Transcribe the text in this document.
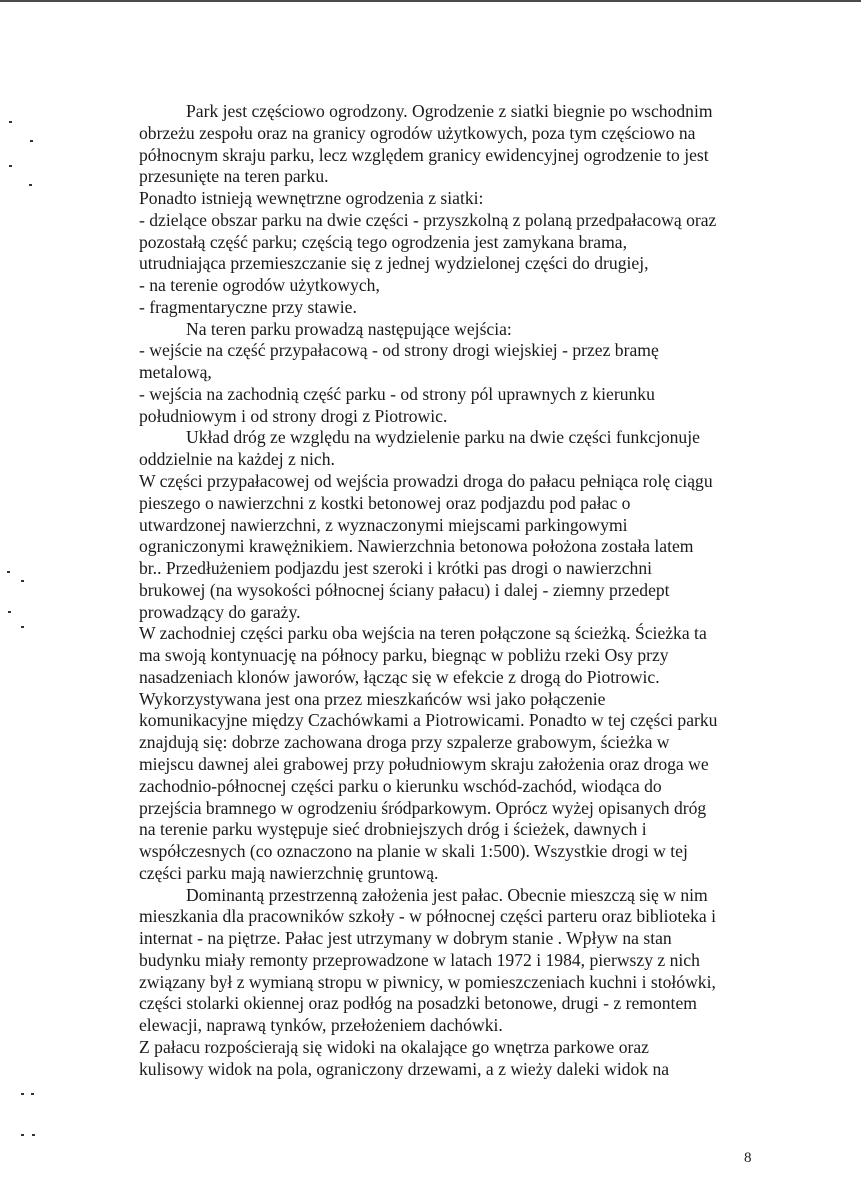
Park jest częściowo ogrodzony. Ogrodzenie z siatki biegnie po wschodnim
obrzeżu zespołu oraz na granicy ogrodów użytkowych, poza tym częściowo na
północnym skraju parku, lecz względem granicy ewidencyjnej ogrodzenie to jest
przesunięte na teren parku.
Ponadto istnieją wewnętrzne ogrodzenia z siatki:
- dzielące obszar parku na dwie części - przyszkolną z polaną przedpałacową oraz
pozostałą część parku; częścią tego ogrodzenia jest zamykana brama,
utrudniająca przemieszczanie się z jednej wydzielonej części do drugiej,
- na terenie ogrodów użytkowych,
- fragmentaryczne przy stawie.
Na teren parku prowadzą następujące wejścia:
- wejście na część przypałacową - od strony drogi wiejskiej - przez bramę
metalową,
- wejścia na zachodnią część parku - od strony pól uprawnych z kierunku
południowym i od strony drogi z Piotrowic.
Układ dróg ze względu na wydzielenie parku na dwie części funkcjonuje
oddzielnie na każdej z nich.
W części przypałacowej od wejścia prowadzi droga do pałacu pełniąca rolę ciągu
pieszego o nawierzchni z kostki betonowej oraz podjazdu pod pałac o
utwardzonej nawierzchni, z wyznaczonymi miejscami parkingowymi
ograniczonymi krawężnikiem. Nawierzchnia betonowa położona została latem
br.. Przedłużeniem podjazdu jest szeroki i krótki pas drogi o nawierzchni
brukowej (na wysokości północnej ściany pałacu) i dalej - ziemny przedept
prowadzący do garaży.
W zachodniej części parku oba wejścia na teren połączone są ścieżką. Ścieżka ta
ma swoją kontynuację na północy parku, biegnąc w pobliżu rzeki Osy przy
nasadzeniach klonów jaworów, łącząc się w efekcie z drogą do Piotrowic.
Wykorzystywana jest ona przez mieszkańców wsi jako połączenie
komunikacyjne między Czachówkami a Piotrowicami. Ponadto w tej części parku
znajdują się: dobrze zachowana droga przy szpalerze grabowym, ścieżka w
miejscu dawnej alei grabowej przy południowym skraju założenia oraz droga we
zachodnio-północnej części parku o kierunku wschód-zachód, wiodąca do
przejścia bramnego w ogrodzeniu śródparkowym. Oprócz wyżej opisanych dróg
na terenie parku występuje sieć drobniejszych dróg i ścieżek, dawnych i
współczesnych (co oznaczono na planie w skali 1:500). Wszystkie drogi w tej
części parku mają nawierzchnię gruntową.
Dominantą przestrzenną założenia jest pałac. Obecnie mieszczą się w nim
mieszkania dla pracowników szkoły - w północnej części parteru oraz biblioteka i
internat - na piętrze. Pałac jest utrzymany w dobrym stanie . Wpływ na stan
budynku miały remonty przeprowadzone w latach 1972 i 1984, pierwszy z nich
związany był z wymianą stropu w piwnicy, w pomieszczeniach kuchni i stołówki,
części stolarki okiennej oraz podłóg na posadzki betonowe, drugi - z remontem
elewacji, naprawą tynków, przełożeniem dachówki.
Z pałacu rozpościerają się widoki na okalające go wnętrza parkowe oraz
kulisowy widok na pola, ograniczony drzewami, a z wieży daleki widok na
8
